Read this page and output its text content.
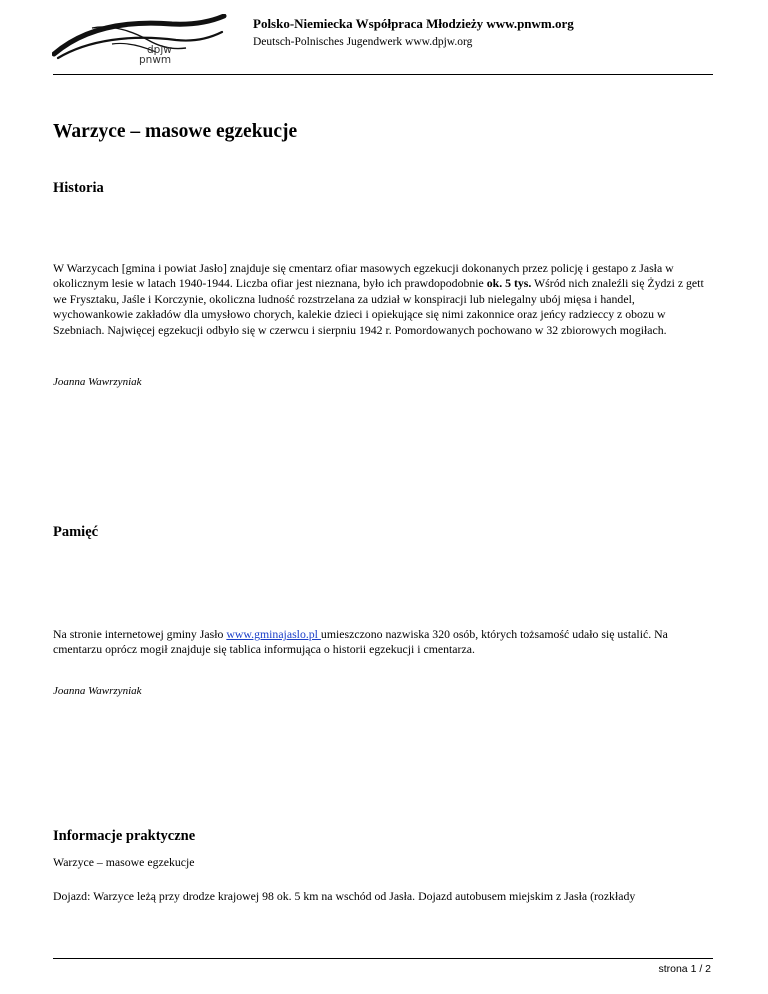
dpjw
pnwm
Polsko-Niemiecka Współpraca Młodzieży www.pnwm.org
Deutsch-Polnisches Jugendwerk www.dpjw.org
Warzyce – masowe egzekucje
Historia

W Warzycach [gmina i powiat Jasło] znajduje się cmentarz ofiar masowych egzekucji dokonanych przez policję i gestapo z Jasła w okolicznym lesie w latach 1940-1944. Liczba ofiar jest nieznana, było ich prawdopodobnie ok. 5 tys. Wśród nich znaleźli się Żydzi z gett we Frysztaku, Jaśle i Korczynie, okoliczna ludność rozstrzelana za udział w konspiracji lub nielegalny ubój mięsa i handel, wychowankowie zakładów dla umysłowo chorych, kalekie dzieci i opiekujące się nimi zakonnice oraz jeńcy radzieccy z obozu w Szebniach. Najwięcej egzekucji odbyło się w czerwcu i sierpniu 1942 r. Pomordowanych pochowano w 32 zbiorowych mogiłach.

Joanna Wawrzyniak

Pamięć

Na stronie internetowej gminy Jasło www.gminajaslo.pl umieszczono nazwiska 320 osób, których tożsamość udało się ustalić. Na cmentarzu oprócz mogił znajduje się tablica informująca o historii egzekucji i cmentarza.

Joanna Wawrzyniak

Informacje praktyczne

Warzyce – masowe egzekucje

Dojazd: Warzyce leżą przy drodze krajowej 98 ok. 5 km na wschód od Jasła. Dojazd autobusem miejskim z Jasła (rozkłady

strona 1 / 2
